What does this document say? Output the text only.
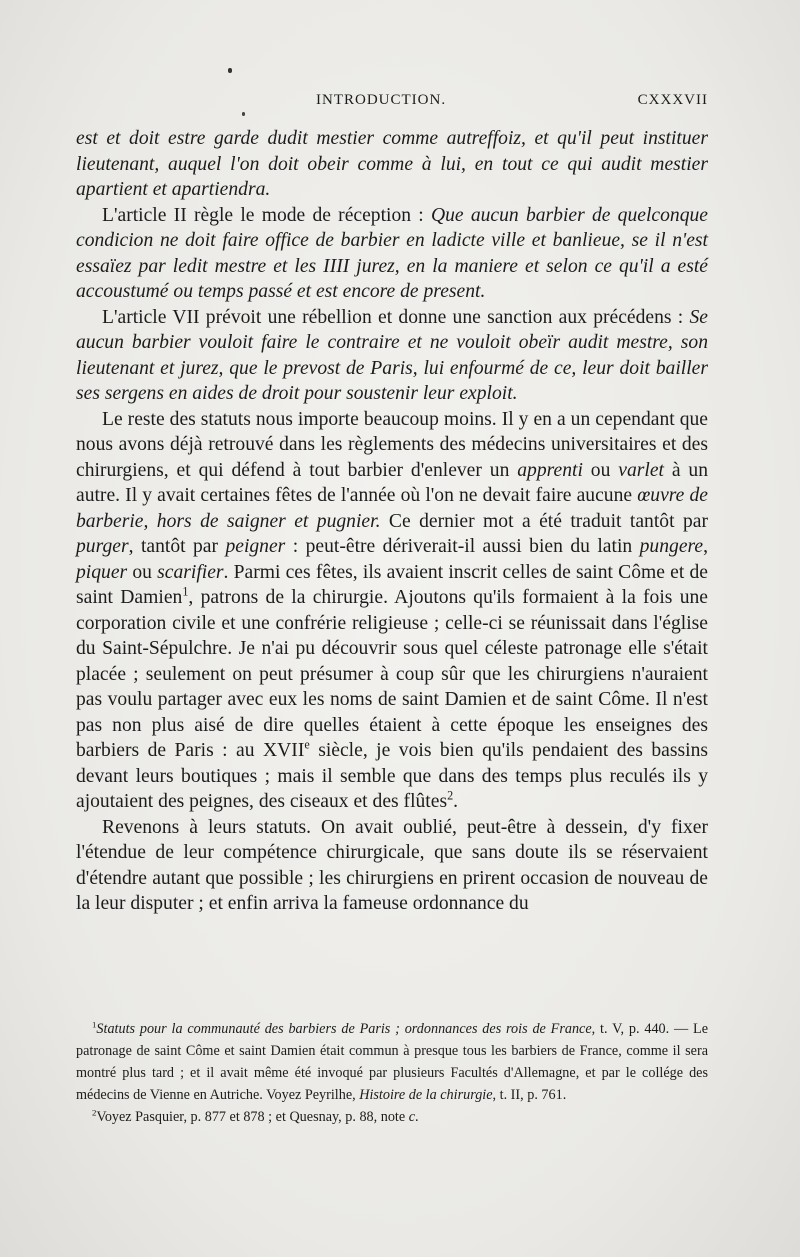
INTRODUCTION.	CXXXVII

est et doit estre garde dudit mestier comme autreffoiz, et qu'il peut instituer lieutenant, auquel l'on doit obeir comme à lui, en tout ce qui audit mestier apartient et apartiendra.

L'article II règle le mode de réception : Que aucun barbier de quelconque condicion ne doit faire office de barbier en ladicte ville et banlieue, se il n'est essaïez par ledit mestre et les IIII jurez, en la maniere et selon ce qu'il a esté accoustumé ou temps passé et est encore de present.

L'article VII prévoit une rébellion et donne une sanction aux précédens : Se aucun barbier vouloit faire le contraire et ne vouloit obeïr audit mestre, son lieutenant et jurez, que le prevost de Paris, lui enfourmé de ce, leur doit bailler ses sergens en aides de droit pour soustenir leur exploit.

Le reste des statuts nous importe beaucoup moins. Il y en a un cependant que nous avons déjà retrouvé dans les règlements des médecins universitaires et des chirurgiens, et qui défend à tout barbier d'enlever un apprenti ou varlet à un autre. Il y avait certaines fêtes de l'année où l'on ne devait faire aucune œuvre de barberie, hors de saigner et pugnier. Ce dernier mot a été traduit tantôt par purger, tantôt par peigner : peut-être dériverait-il aussi bien du latin pungere, piquer ou scarifier. Parmi ces fêtes, ils avaient inscrit celles de saint Côme et de saint Damien$^1$, patrons de la chirurgie. Ajoutons qu'ils formaient à la fois une corporation civile et une confrérie religieuse ; celle-ci se réunissait dans l'église du Saint-Sépulchre. Je n'ai pu découvrir sous quel céleste patronage elle s'était placée ; seulement on peut présumer à coup sûr que les chirurgiens n'auraient pas voulu partager avec eux les noms de saint Damien et de saint Côme. Il n'est pas non plus aisé de dire quelles étaient à cette époque les enseignes des barbiers de Paris : au XVIIe siècle, je vois bien qu'ils pendaient des bassins devant leurs boutiques ; mais il semble que dans des temps plus reculés ils y ajoutaient des peignes, des ciseaux et des flûtes$^2$.

Revenons à leurs statuts. On avait oublié, peut-être à dessein, d'y fixer l'étendue de leur compétence chirurgicale, que sans doute ils se réservaient d'étendre autant que possible ; les chirurgiens en prirent occasion de nouveau de la leur disputer ; et enfin arriva la fameuse ordonnance du

$^1$Statuts pour la communauté des barbiers de Paris ; ordonnances des rois de France, t. V, p. 440. — Le patronage de saint Côme et saint Damien était commun à presque tous les barbiers de France, comme il sera montré plus tard ; et il avait même été invoqué par plusieurs Facultés d'Allemagne, et par le collége des médecins de Vienne en Autriche. Voyez Peyrilhe, Histoire de la chirurgie, t. II, p. 761.

$^2$Voyez Pasquier, p. 877 et 878 ; et Quesnay, p. 88, note c.
